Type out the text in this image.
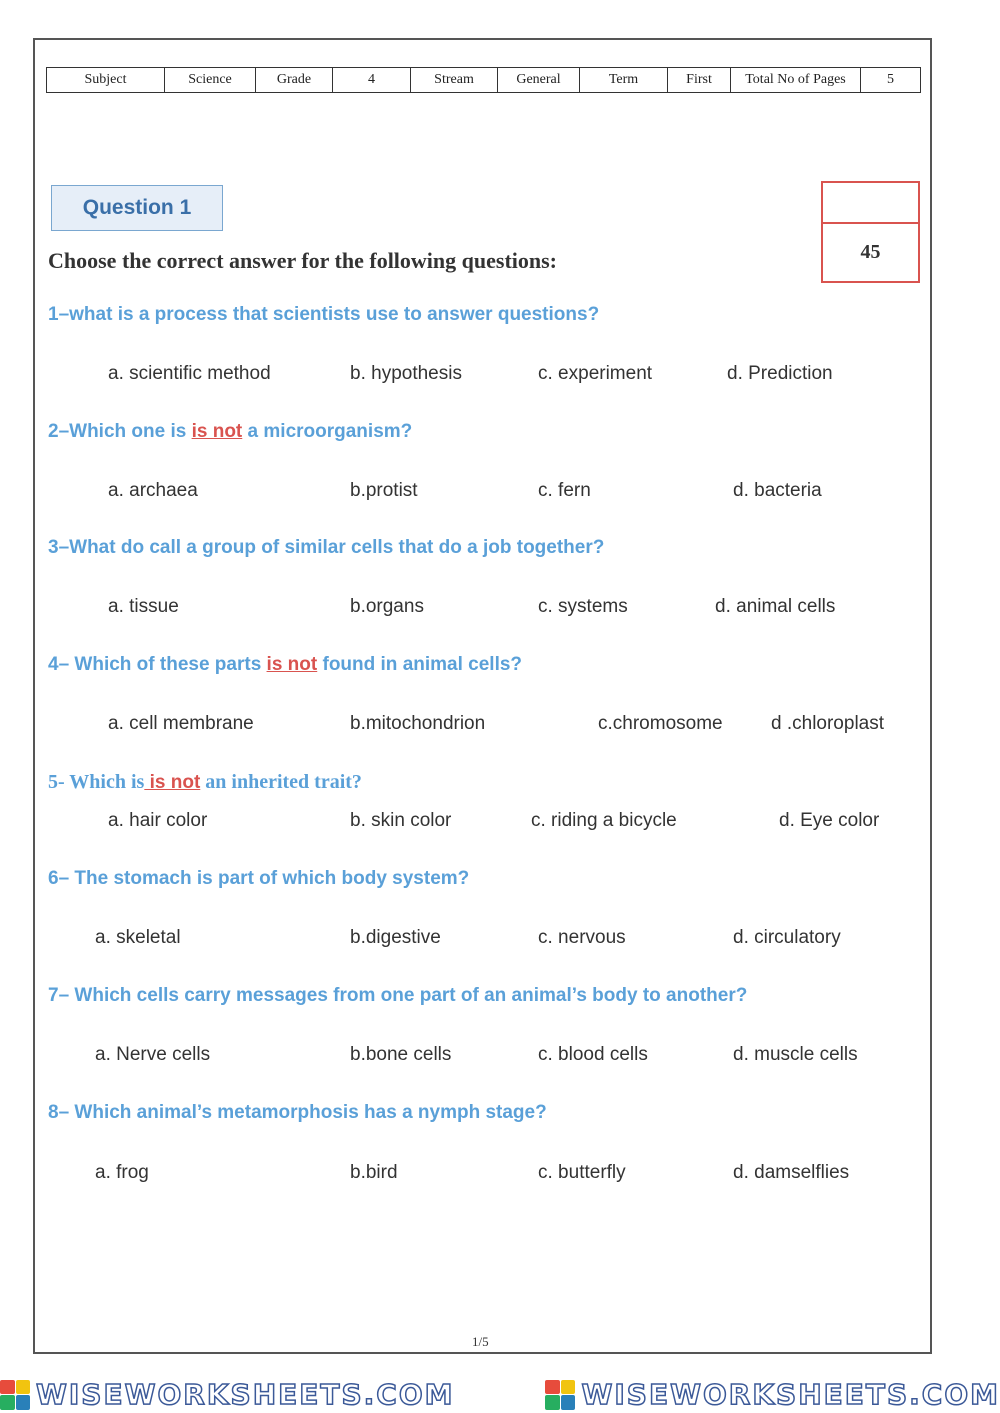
Subject	Science	Grade	4	Stream	General	Term	First	Total No of Pages	5
Question 1
Choose the correct answer for the following questions:	45
1–what is a process that scientists use to answer questions?
a. scientific method	b. hypothesis	c. experiment	d. Prediction
2–Which one is is not a microorganism?
a. archaea	b.protist	c. fern	d. bacteria
3–What do call a group of similar cells that do a job together?
a. tissue	b.organs	c. systems	d. animal cells
4– Which of these parts is not found in animal cells?
a. cell membrane	b.mitochondrion	c.chromosome	d .chloroplast
5- Which is is not an inherited trait?
a. hair color	b. skin color	c. riding a bicycle	d. Eye color
6– The stomach is part of which body system?
a. skeletal	b.digestive	c. nervous	d. circulatory
7– Which cells carry messages from one part of an animal’s body to another?
a. Nerve cells	b.bone cells	c. blood cells	d. muscle cells
8– Which animal’s metamorphosis has a nymph stage?
a. frog	b.bird	c. butterfly	d. damselflies
1/5
WISEWORKSHEETS.COM	WISEWORKSHEETS.COM
